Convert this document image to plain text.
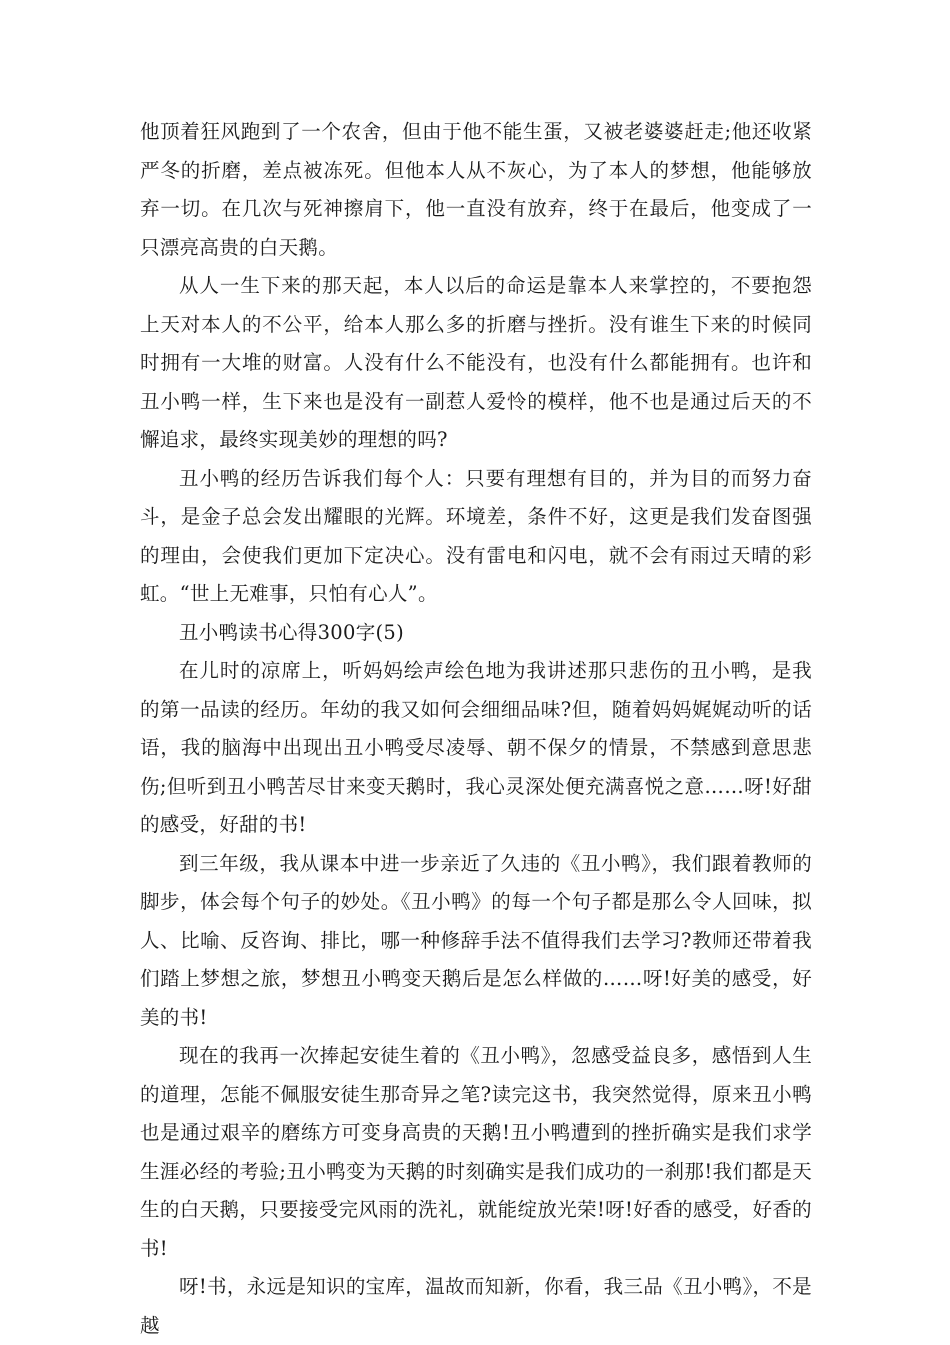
他顶着狂风跑到了一个农舍，但由于他不能生蛋，又被老婆婆赶走;他还收紧严冬的折磨，差点被冻死。但他本人从不灰心，为了本人的梦想，他能够放弃一切。在几次与死神擦肩下，他一直没有放弃，终于在最后，他变成了一只漂亮高贵的白天鹅。

从人一生下来的那天起，本人以后的命运是靠本人来掌控的，不要抱怨上天对本人的不公平，给本人那么多的折磨与挫折。没有谁生下来的时候同时拥有一大堆的财富。人没有什么不能没有，也没有什么都能拥有。也许和丑小鸭一样，生下来也是没有一副惹人爱怜的模样，他不也是通过后天的不懈追求，最终实现美妙的理想的吗?

丑小鸭的经历告诉我们每个人：只要有理想有目的，并为目的而努力奋斗，是金子总会发出耀眼的光辉。环境差，条件不好，这更是我们发奋图强的理由，会使我们更加下定决心。没有雷电和闪电，就不会有雨过天晴的彩虹。“世上无难事，只怕有心人”。

丑小鸭读书心得300字(5)

在儿时的凉席上，听妈妈绘声绘色地为我讲述那只悲伤的丑小鸭，是我的第一品读的经历。年幼的我又如何会细细品味?但，随着妈妈娓娓动听的话语，我的脑海中出现出丑小鸭受尽凌辱、朝不保夕的情景，不禁感到意思悲伤;但听到丑小鸭苦尽甘来变天鹅时，我心灵深处便充满喜悦之意……呀!好甜的感受，好甜的书!

到三年级，我从课本中进一步亲近了久违的《丑小鸭》，我们跟着教师的脚步，体会每个句子的妙处。《丑小鸭》的每一个句子都是那么令人回味，拟人、比喻、反咨询、排比，哪一种修辞手法不值得我们去学习?教师还带着我们踏上梦想之旅，梦想丑小鸭变天鹅后是怎么样做的……呀!好美的感受，好美的书!

现在的我再一次捧起安徒生着的《丑小鸭》，忽感受益良多，感悟到人生的道理，怎能不佩服安徒生那奇异之笔?读完这书，我突然觉得，原来丑小鸭也是通过艰辛的磨练方可变身高贵的天鹅!丑小鸭遭到的挫折确实是我们求学生涯必经的考验;丑小鸭变为天鹅的时刻确实是我们成功的一刹那!我们都是天生的白天鹅，只要接受完风雨的洗礼，就能绽放光荣!呀!好香的感受，好香的书!

呀!书，永远是知识的宝库，温故而知新，你看，我三品《丑小鸭》，不是越
